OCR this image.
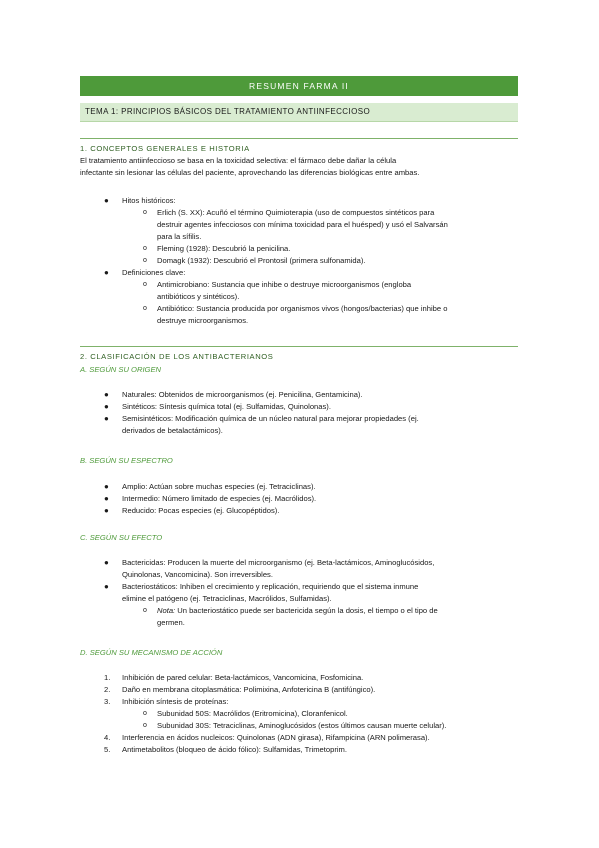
RESUMEN FARMA II
TEMA 1: PRINCIPIOS BÁSICOS DEL TRATAMIENTO ANTIINFECCIOSO
1. CONCEPTOS GENERALES E HISTORIA
El tratamiento antiinfeccioso se basa en la toxicidad selectiva: el fármaco debe dañar la célula
infectante sin lesionar las células del paciente, aprovechando las diferencias biológicas entre ambas.
● Hitos históricos:
o Erlich (S. XX): Acuñó el término Quimioterapia (uso de compuestos sintéticos para
destruir agentes infecciosos con mínima toxicidad para el huésped) y usó el Salvarsán
para la sífilis.
o Fleming (1928): Descubrió la penicilina.
o Domagk (1932): Descubrió el Prontosil (primera sulfonamida).
● Definiciones clave:
o Antimicrobiano: Sustancia que inhibe o destruye microorganismos (engloba
antibióticos y sintéticos).
o Antibiótico: Sustancia producida por organismos vivos (hongos/bacterias) que inhibe o
destruye microorganismos.
2. CLASIFICACIÓN DE LOS ANTIBACTERIANOS
A. SEGÚN SU ORIGEN
● Naturales: Obtenidos de microorganismos (ej. Penicilina, Gentamicina).
● Sintéticos: Síntesis química total (ej. Sulfamidas, Quinolonas).
● Semisintéticos: Modificación química de un núcleo natural para mejorar propiedades (ej.
derivados de betalactámicos).
B. SEGÚN SU ESPECTRO
● Amplio: Actúan sobre muchas especies (ej. Tetraciclinas).
● Intermedio: Número limitado de especies (ej. Macrólidos).
● Reducido: Pocas especies (ej. Glucopéptidos).
C. SEGÚN SU EFECTO
● Bactericidas: Producen la muerte del microorganismo (ej. Beta-lactámicos, Aminoglucósidos,
Quinolonas, Vancomicina). Son irreversibles.
● Bacteriostáticos: Inhiben el crecimiento y replicación, requiriendo que el sistema inmune
elimine el patógeno (ej. Tetraciclinas, Macrólidos, Sulfamidas).
o Nota: Un bacteriostático puede ser bactericida según la dosis, el tiempo o el tipo de
germen.
D. SEGÚN SU MECANISMO DE ACCIÓN
1. Inhibición de pared celular: Beta-lactámicos, Vancomicina, Fosfomicina.
2. Daño en membrana citoplasmática: Polimixina, Anfotericina B (antifúngico).
3. Inhibición síntesis de proteínas:
o Subunidad 50S: Macrólidos (Eritromicina), Cloranfenicol.
o Subunidad 30S: Tetraciclinas, Aminoglucósidos (estos últimos causan muerte celular).
4. Interferencia en ácidos nucleicos: Quinolonas (ADN girasa), Rifampicina (ARN polimerasa).
5. Antimetabolitos (bloqueo de ácido fólico): Sulfamidas, Trimetoprim.
